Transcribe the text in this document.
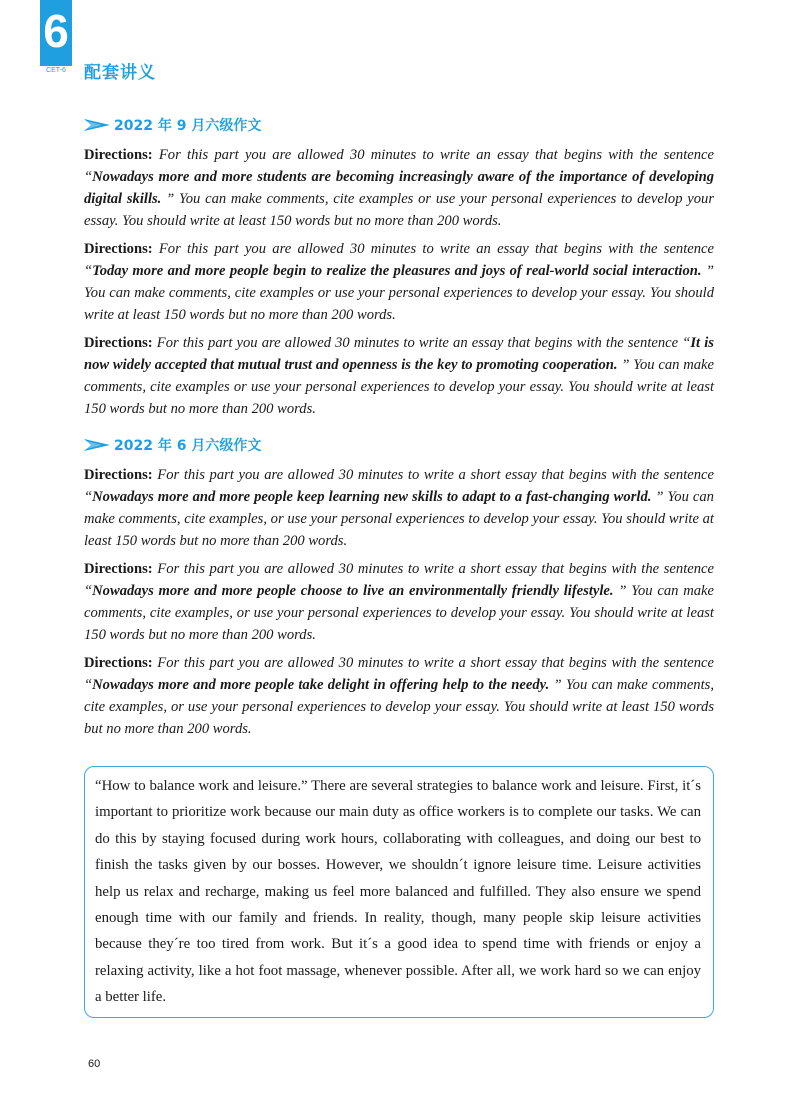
6
CET-6	配套讲义
2022 年 9 月六级作文

Directions: For this part you are allowed 30 minutes to write an essay that begins with the sentence “Nowadays more and more students are becoming increasingly aware of the importance of developing digital skills. ” You can make comments, cite examples or use your personal experiences to develop your essay. You should write at least 150 words but no more than 200 words.

Directions: For this part you are allowed 30 minutes to write an essay that begins with the sentence “Today more and more people begin to realize the pleasures and joys of real-world social interaction. ” You can make comments, cite examples or use your personal experiences to develop your essay. You should write at least 150 words but no more than 200 words.

Directions: For this part you are allowed 30 minutes to write an essay that begins with the sentence “It is now widely accepted that mutual trust and openness is the key to promoting cooperation. ” You can make comments, cite examples or use your personal experiences to develop your essay. You should write at least 150 words but no more than 200 words.

2022 年 6 月六级作文

Directions: For this part you are allowed 30 minutes to write a short essay that begins with the sentence “Nowadays more and more people keep learning new skills to adapt to a fast-changing world. ” You can make comments, cite examples, or use your personal experiences to develop your essay. You should write at least 150 words but no more than 200 words.

Directions: For this part you are allowed 30 minutes to write a short essay that begins with the sentence “Nowadays more and more people choose to live an environmentally friendly lifestyle. ” You can make comments, cite examples, or use your personal experiences to develop your essay. You should write at least 150 words but no more than 200 words.

Directions: For this part you are allowed 30 minutes to write a short essay that begins with the sentence “Nowadays more and more people take delight in offering help to the needy. ” You can make comments, cite examples, or use your personal experiences to develop your essay. You should write at least 150 words but no more than 200 words.

“How to balance work and leisure.” There are several strategies to balance work and leisure. First, it´s important to prioritize work because our main duty as office workers is to complete our tasks. We can do this by staying focused during work hours, collaborating with colleagues, and doing our best to finish the tasks given by our bosses. However, we shouldn´t ignore leisure time. Leisure activities help us relax and recharge, making us feel more balanced and fulfilled. They also ensure we spend enough time with our family and friends. In reality, though, many people skip leisure activities because they´re too tired from work. But it´s a good idea to spend time with friends or enjoy a relaxing activity, like a hot foot massage, whenever possible. After all, we work hard so we can enjoy a better life.

60
